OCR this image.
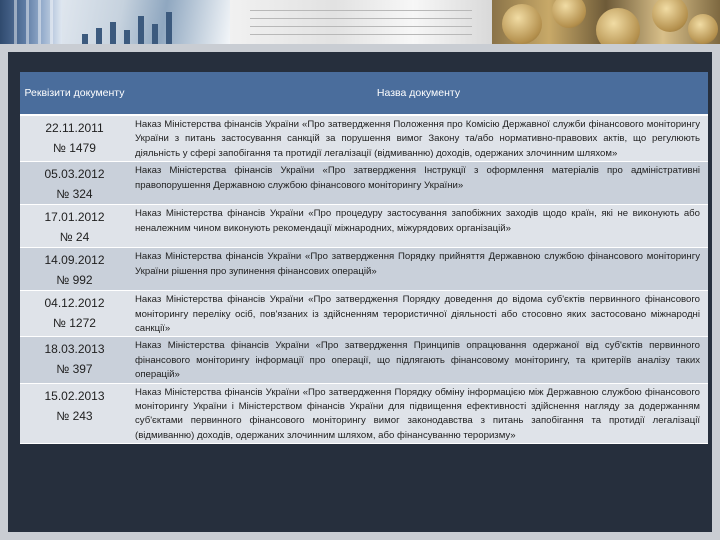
Реквізити документу	Назва документу

22.11.2011
№ 1479	Наказ Міністерства фінансів України «Про затвердження Положення про Комісію Державної служби фінансового моніторингу України з питань застосування санкцій за порушення вимог Закону та/або нормативно-правових актів, що регулюють діяльність у сфері запобігання та протидії легалізації (відмиванню) доходів, одержаних злочинним шляхом»

05.03.2012
№ 324	Наказ Міністерства фінансів України «Про затвердження Інструкції з оформлення матеріалів про адміністративні правопорушення Державною службою фінансового моніторингу України»

17.01.2012
№ 24	Наказ Міністерства фінансів України «Про процедуру застосування запобіжних заходів щодо країн, які не виконують або неналежним чином виконують рекомендації міжнародних, міжурядових організацій»

14.09.2012
№ 992	Наказ Міністерства фінансів України «Про затвердження Порядку прийняття Державною службою фінансового моніторингу України рішення про зупинення фінансових операцій»

04.12.2012
№ 1272	Наказ Міністерства фінансів України «Про затвердження Порядку доведення до відома суб'єктів первинного фінансового моніторингу переліку осіб, пов'язаних із здійсненням терористичної діяльності або стосовно яких застосовано міжнародні санкції»

18.03.2013
№ 397	Наказ Міністерства фінансів України «Про затвердження Принципів опрацювання одержаної від суб'єктів первинного фінансового моніторингу інформації про операції, що підлягають фінансовому моніторингу, та критеріїв аналізу таких операцій»

15.02.2013
№ 243	Наказ Міністерства фінансів України «Про затвердження Порядку обміну інформацією між Державною службою фінансового моніторингу України і Міністерством фінансів України для підвищення ефективності здійснення нагляду за додержанням суб'єктами первинного фінансового моніторингу вимог законодавства з питань запобігання та протидії легалізації (відмиванню) доходів, одержаних злочинним шляхом, або фінансуванню тероризму»
